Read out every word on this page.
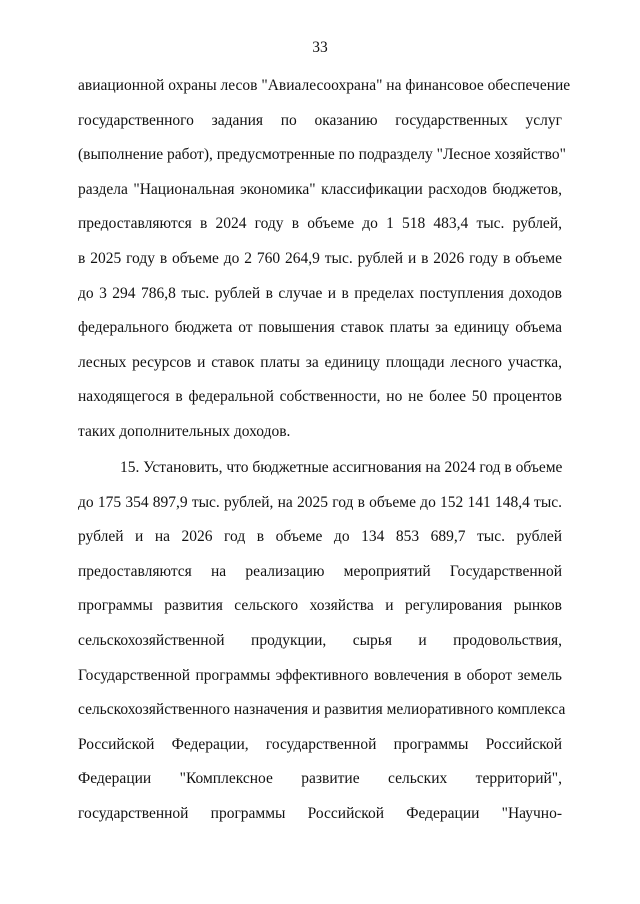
33
авиационной охраны лесов "Авиалесоохрана" на финансовое обеспечение
государственного задания по оказанию государственных услуг
(выполнение работ), предусмотренные по подразделу "Лесное хозяйство"
раздела "Национальная экономика" классификации расходов бюджетов,
предоставляются в 2024 году в объеме до 1 518 483,4 тыс. рублей,
в 2025 году в объеме до 2 760 264,9 тыс. рублей и в 2026 году в объеме
до 3 294 786,8 тыс. рублей в случае и в пределах поступления доходов
федерального бюджета от повышения ставок платы за единицу объема
лесных ресурсов и ставок платы за единицу площади лесного участка,
находящегося в федеральной собственности, но не более 50 процентов
таких дополнительных доходов.
15. Установить, что бюджетные ассигнования на 2024 год в объеме
до 175 354 897,9 тыс. рублей, на 2025 год в объеме до 152 141 148,4 тыс.
рублей и на 2026 год в объеме до 134 853 689,7 тыс. рублей
предоставляются на реализацию мероприятий Государственной
программы развития сельского хозяйства и регулирования рынков
сельскохозяйственной продукции, сырья и продовольствия,
Государственной программы эффективного вовлечения в оборот земель
сельскохозяйственного назначения и развития мелиоративного комплекса
Российской Федерации, государственной программы Российской
Федерации "Комплексное развитие сельских территорий",
государственной программы Российской Федерации "Научно-
